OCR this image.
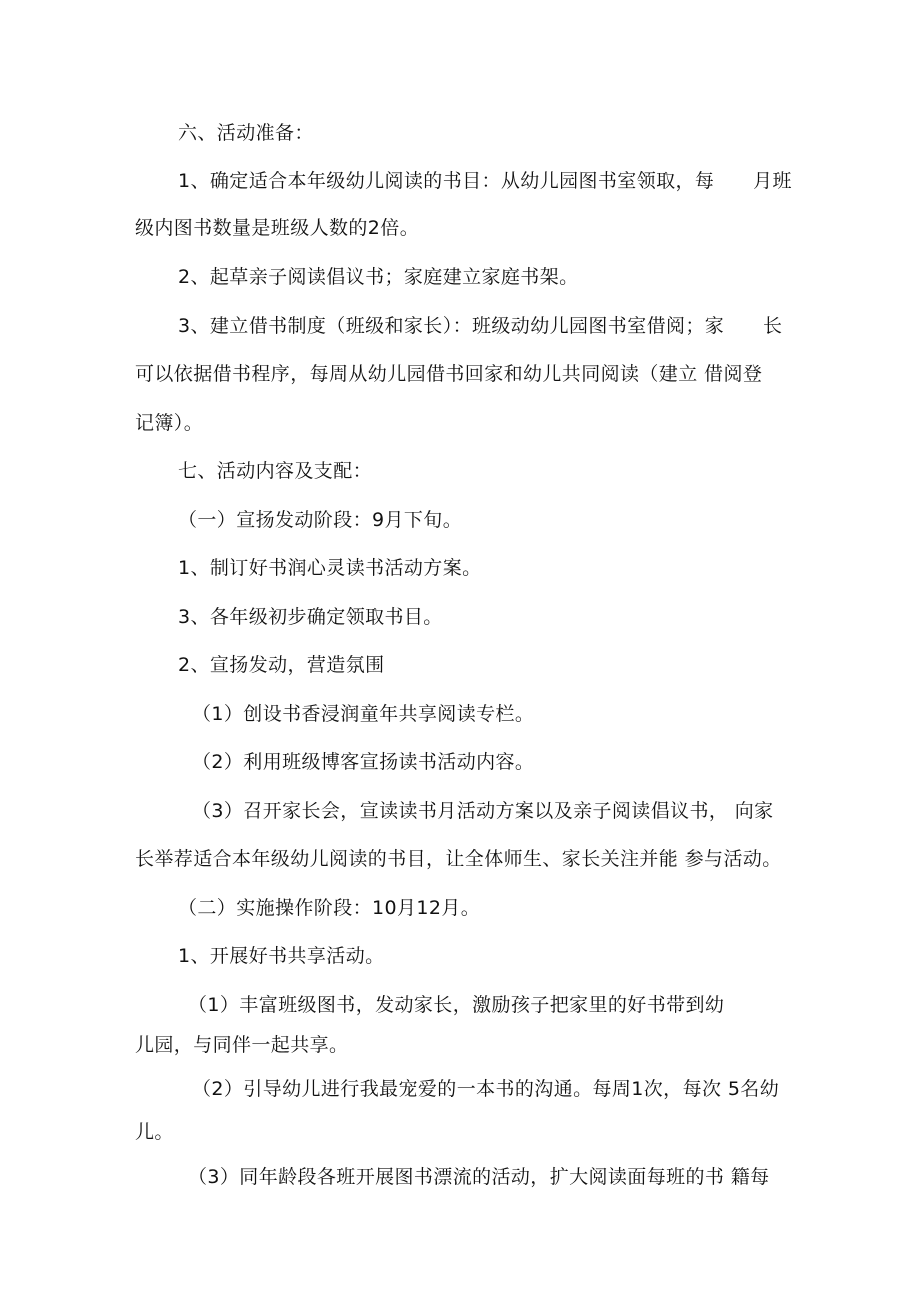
六、活动准备：
1、确定适合本年级幼儿阅读的书目：从幼儿园图书室领取，每　　月班
级内图书数量是班级人数的2倍。
2、起草亲子阅读倡议书；家庭建立家庭书架。
3、建立借书制度（班级和家长）：班级动幼儿园图书室借阅；家　　长
可以依据借书程序，每周从幼儿园借书回家和幼儿共同阅读（建立 借阅登
记簿）。
七、活动内容及支配：
（一）宣扬发动阶段：9月下旬。
1、制订好书润心灵读书活动方案。
3、各年级初步确定领取书目。
2、宣扬发动，营造氛围
（1）创设书香浸润童年共享阅读专栏。
（2）利用班级博客宣扬读书活动内容。
（3）召开家长会，宣读读书月活动方案以及亲子阅读倡议书， 向家
长举荐适合本年级幼儿阅读的书目，让全体师生、家长关注并能 参与活动。
（二）实施操作阶段：10月12月。
1、开展好书共享活动。
（1）丰富班级图书，发动家长，激励孩子把家里的好书带到幼
儿园，与同伴一起共享。
（2）引导幼儿进行我最宠爱的一本书的沟通。每周1次，每次 5名幼
儿。
（3）同年龄段各班开展图书漂流的活动，扩大阅读面每班的书 籍每
